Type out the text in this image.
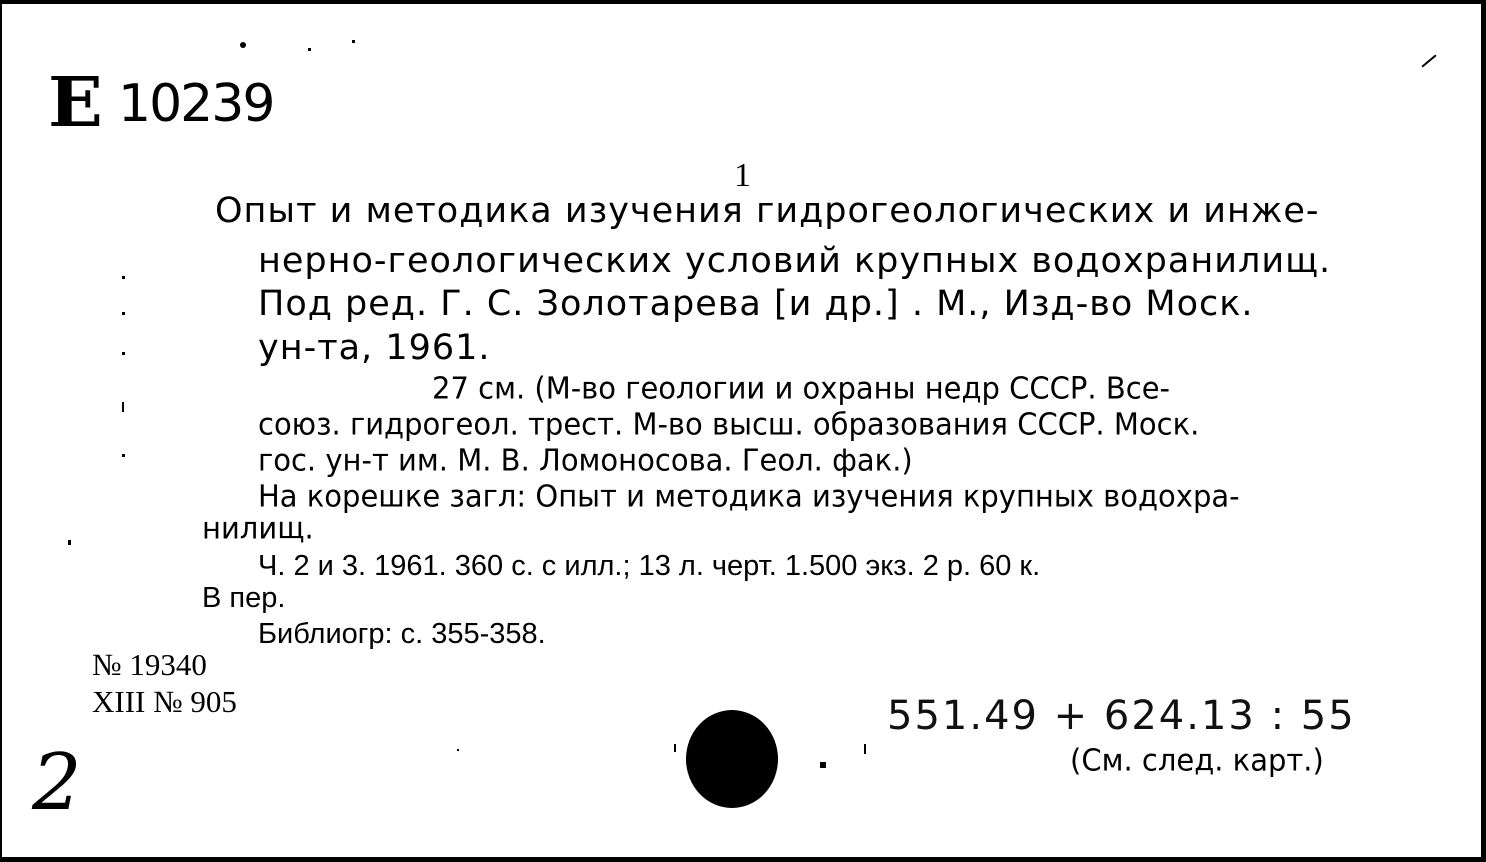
Е 10239
1
Опыт и методика изучения гидрогеологических и инже-
нерно-геологических условий крупных водохранилищ.
Под ред. Г. С. Золотарева [и др.] . М., Изд-во Моск.
ун-та, 1961.
27 см. (М-во геологии и охраны недр СССР. Все-
союз. гидрогеол. трест. М-во высш. образования СССР. Моск.
гос. ун-т им. М. В. Ломоносова. Геол. фак.)
На корешке загл: Опыт и методика изучения крупных водохра-
нилищ.
Ч. 2 и 3. 1961. 360 с. с илл.; 13 л. черт. 1.500 экз. 2 р. 60 к.
В пер.
Библиогр: с. 355-358.
№ 19340
XIII № 905	551.49 + 624.13 : 55
(См. след. карт.)
2
